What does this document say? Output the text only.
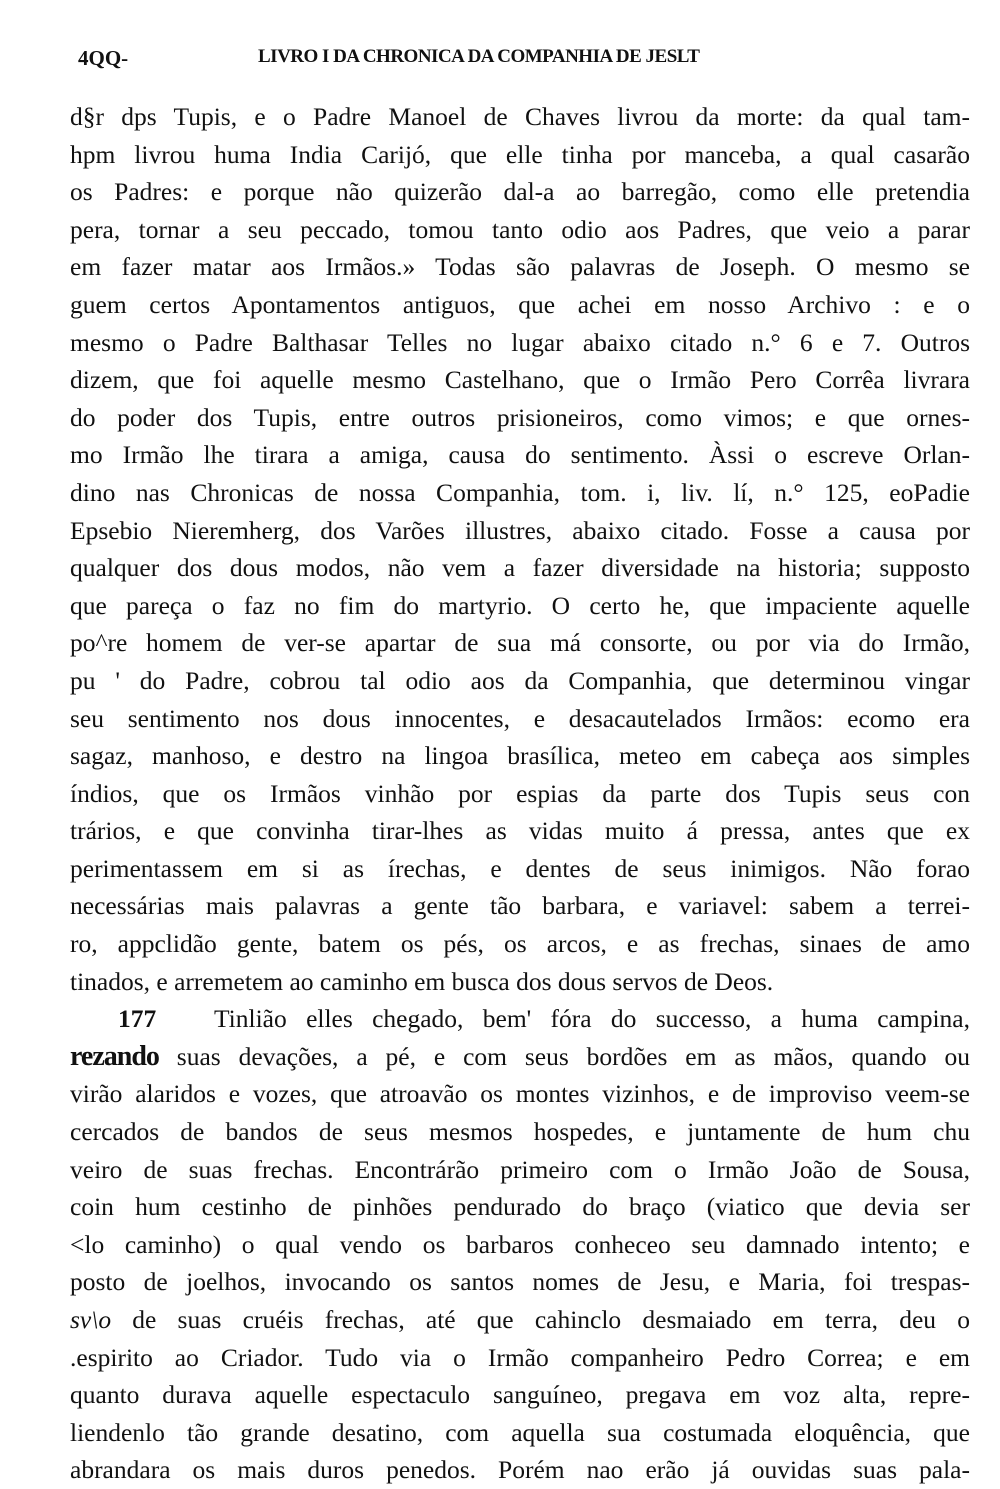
4QQ-	LIVRO I DA CHRONICA DA COMPANHIA DE JESLT
d§r dps Tupis, e o Padre Manoel de Chaves livrou da morte: da qual tam-
hpm livrou huma India Carijó, que elle tinha por manceba, a qual casarão
os Padres: e porque não quizerão dal-a ao barregão, como elle pretendia
pera, tornar a seu peccado, tomou tanto odio aos Padres, que veio a parar
em fazer matar aos Irmãos.» Todas são palavras de Joseph. O mesmo se
guem certos Apontamentos antiguos, que achei em nosso Archivo : e o
mesmo o Padre Balthasar Telles no lugar abaixo citado n.° 6 e 7. Outros
dizem, que foi aquelle mesmo Castelhano, que o Irmão Pero Corrêa livrara
do poder dos Tupis, entre outros prisioneiros, como vimos; e que ornes-
mo Irmão lhe tirara a amiga, causa do sentimento. Àssi o escreve Orlan-
dino nas Chronicas de nossa Companhia, tom. i, liv. lí, n.° 125, eoPadie
Epsebio Nieremherg, dos Varões illustres, abaixo citado. Fosse a causa por
qualquer dos dous modos, não vem a fazer diversidade na historia; supposto
que pareça o faz no fim do martyrio. O certo he, que impaciente aquelle
po^re homem de ver-se apartar de sua má consorte, ou por via do Irmão,
pu ' do Padre, cobrou tal odio aos da Companhia, que determinou vingar
seu sentimento nos dous innocentes, e desacautelados Irmãos: ecomo era
sagaz, manhoso, e destro na lingoa brasílica, meteo em cabeça aos simples
índios, que os Irmãos vinhão por espias da parte dos Tupis seus con
trários, e que convinha tirar-lhes as vidas muito á pressa, antes que ex
perimentassem em si as írechas, e dentes de seus inimigos. Não forao
necessárias mais palavras a gente tão barbara, e variavel: sabem a terrei-
ro, appclidão gente, batem os pés, os arcos, e as frechas, sinaes de amo
tinados, e arremetem ao caminho em busca dos dous servos de Deos.
177 Tinlião elles chegado, bem' fóra do successo, a huma campina,
rezando suas devações, a pé, e com seus bordões em as mãos, quando ou
virão alaridos e vozes, que atroavão os montes vizinhos, e de improviso veem-se
cercados de bandos de seus mesmos hospedes, e juntamente de hum chu
veiro de suas frechas. Encontrárão primeiro com o Irmão João de Sousa,
coin hum cestinho de pinhões pendurado do braço (viatico que devia ser
<lo caminho) o qual vendo os barbaros conheceo seu damnado intento; e
posto de joelhos, invocando os santos nomes de Jesu, e Maria, foi trespas-
sv\o de suas cruéis frechas, até que cahinclo desmaiado em terra, deu o
.espirito ao Criador. Tudo via o Irmão companheiro Pedro Correa; e em
quanto durava aquelle espectaculo sanguíneo, pregava em voz alta, repre-
liendenlo tão grande desatino, com aquella sua costumada eloquência, que
abrandara os mais duros penedos. Porém nao erão já ouvidas suas pala-
